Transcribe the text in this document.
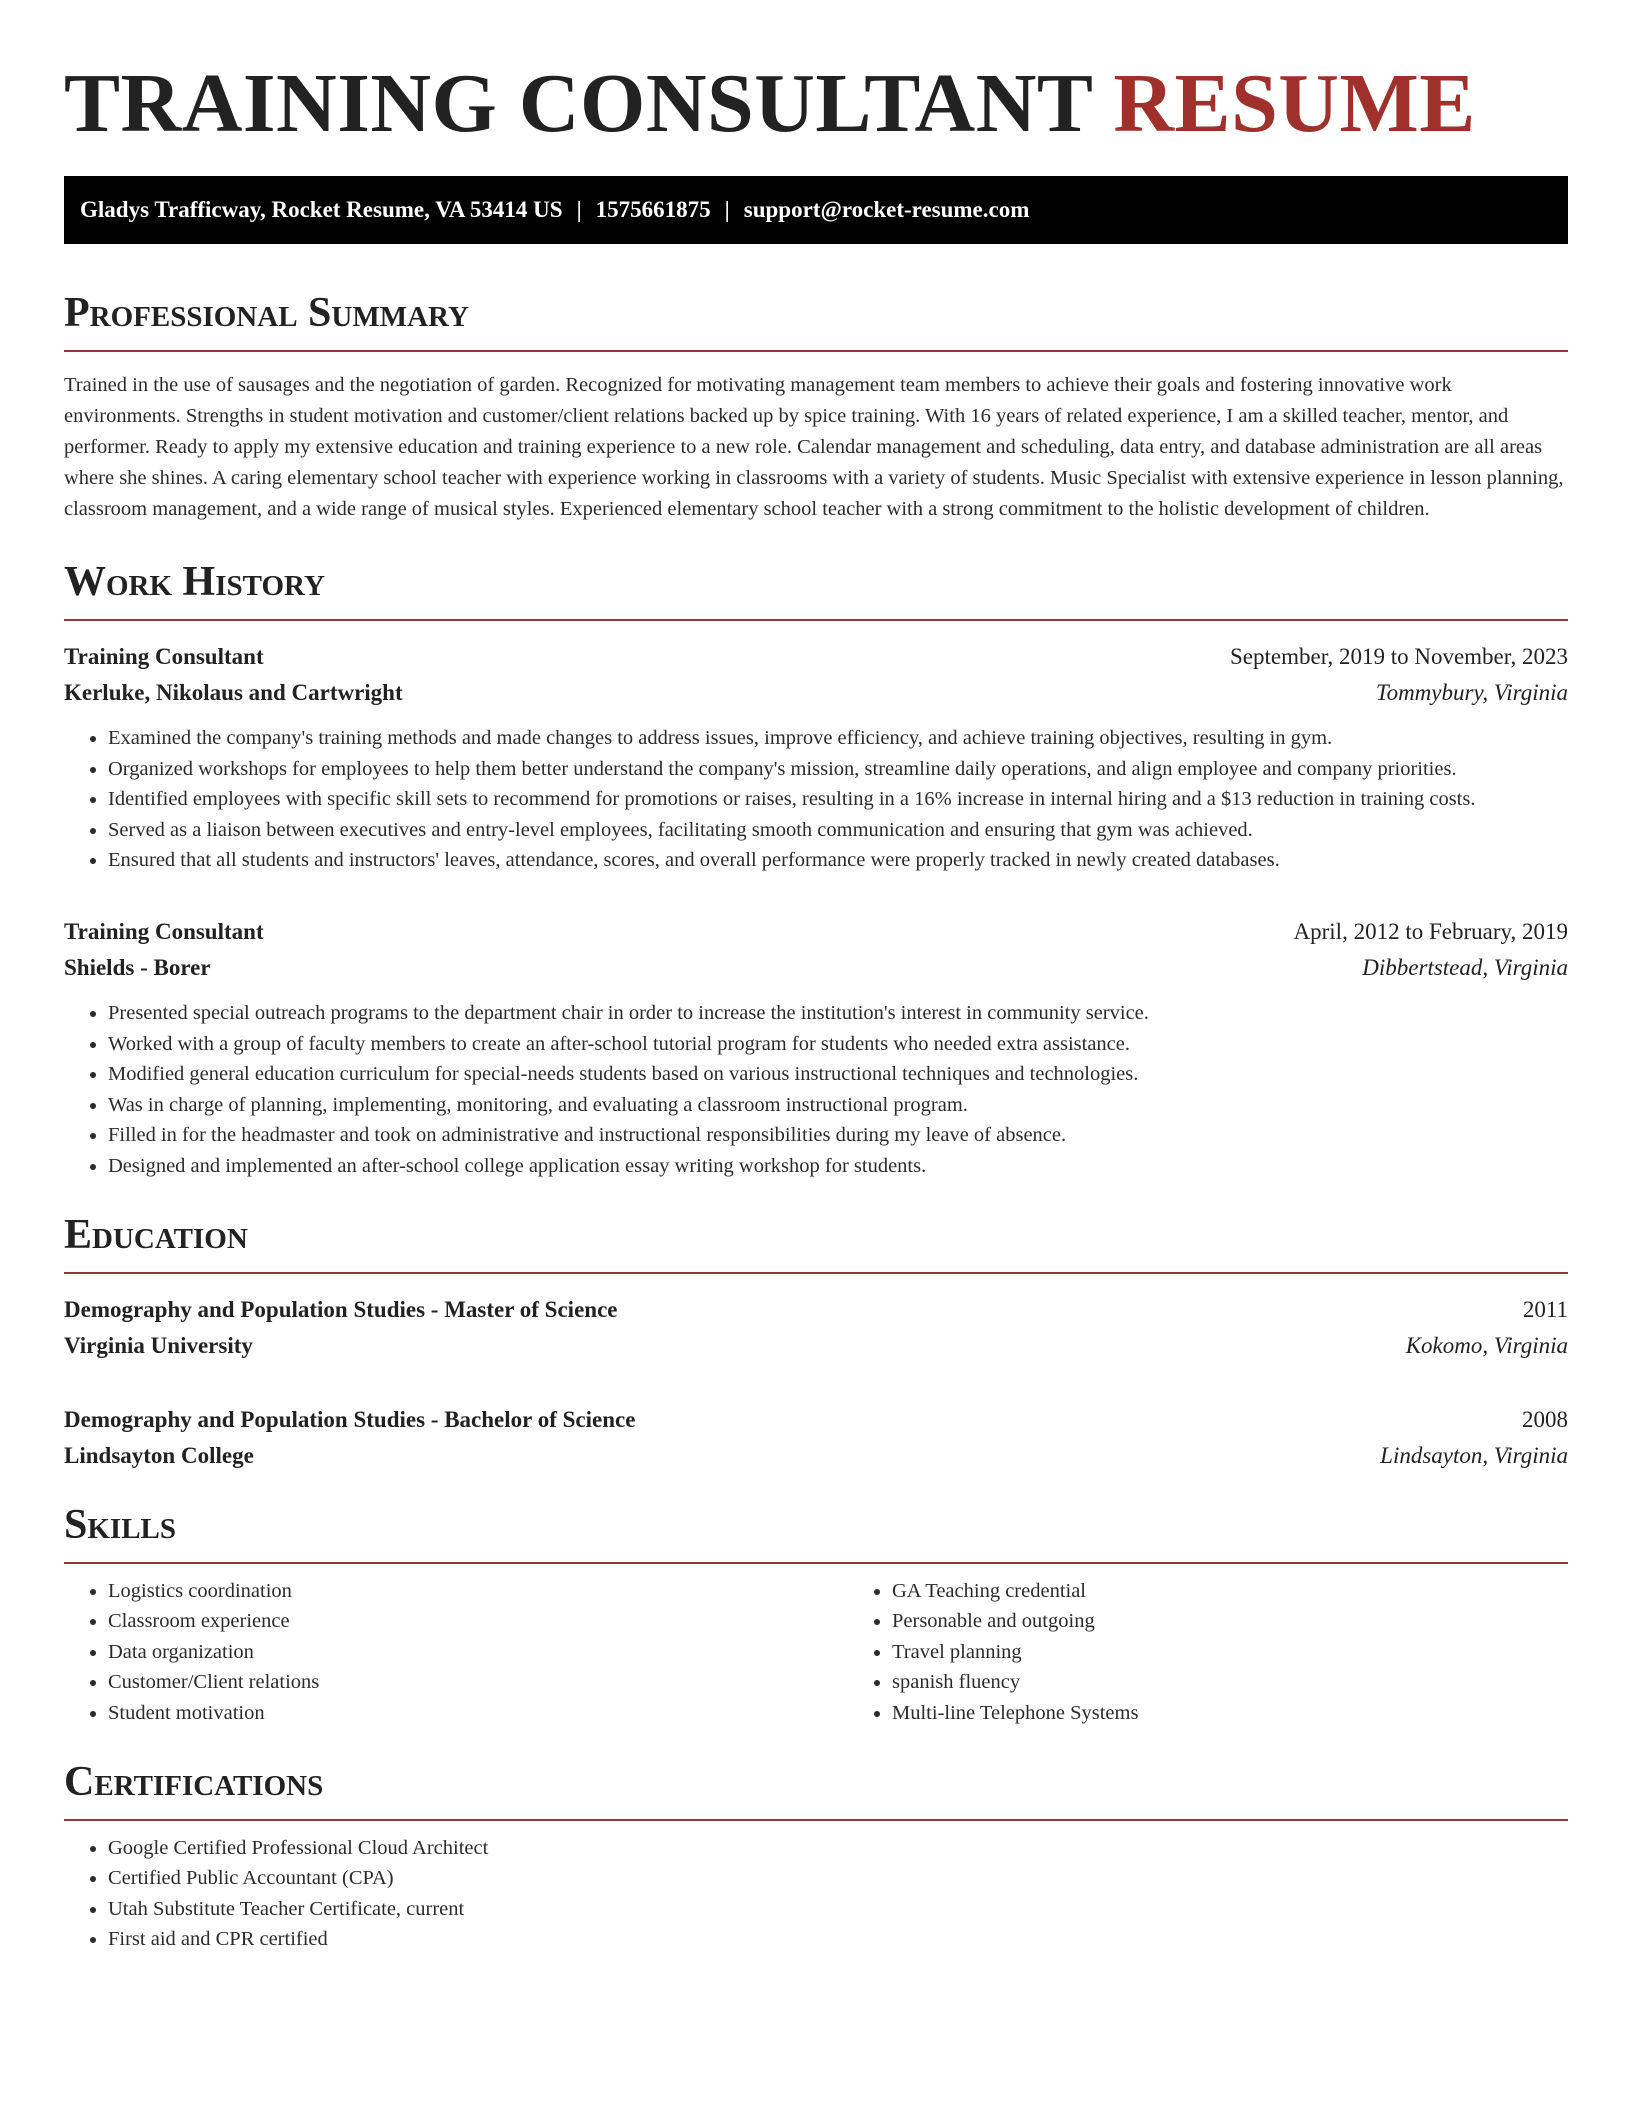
TRAINING CONSULTANT RESUME
Gladys Trafficway, Rocket Resume, VA 53414 US | 1575661875 | support@rocket-resume.com
Professional Summary

Trained in the use of sausages and the negotiation of garden. Recognized for motivating management team members to achieve their goals and fostering innovative work environments. Strengths in student motivation and customer/client relations backed up by spice training. With 16 years of related experience, I am a skilled teacher, mentor, and performer. Ready to apply my extensive education and training experience to a new role. Calendar management and scheduling, data entry, and database administration are all areas where she shines. A caring elementary school teacher with experience working in classrooms with a variety of students. Music Specialist with extensive experience in lesson planning, classroom management, and a wide range of musical styles. Experienced elementary school teacher with a strong commitment to the holistic development of children.

Work History
Training Consultant	September, 2019 to November, 2023
Kerluke, Nikolaus and Cartwright	Tommybury, Virginia
• Examined the company's training methods and made changes to address issues, improve efficiency, and achieve training objectives, resulting in gym.
• Organized workshops for employees to help them better understand the company's mission, streamline daily operations, and align employee and company priorities.
• Identified employees with specific skill sets to recommend for promotions or raises, resulting in a 16% increase in internal hiring and a $13 reduction in training costs.
• Served as a liaison between executives and entry-level employees, facilitating smooth communication and ensuring that gym was achieved.
• Ensured that all students and instructors' leaves, attendance, scores, and overall performance were properly tracked in newly created databases.
Training Consultant	April, 2012 to February, 2019
Shields - Borer	Dibbertstead, Virginia
• Presented special outreach programs to the department chair in order to increase the institution's interest in community service.
• Worked with a group of faculty members to create an after-school tutorial program for students who needed extra assistance.
• Modified general education curriculum for special-needs students based on various instructional techniques and technologies.
• Was in charge of planning, implementing, monitoring, and evaluating a classroom instructional program.
• Filled in for the headmaster and took on administrative and instructional responsibilities during my leave of absence.
• Designed and implemented an after-school college application essay writing workshop for students.
Education
Demography and Population Studies - Master of Science	2011
Virginia University	Kokomo, Virginia
Demography and Population Studies - Bachelor of Science	2008
Lindsayton College	Lindsayton, Virginia
Skills
• Logistics coordination
• Classroom experience
• Data organization
• Customer/Client relations
• Student motivation
• GA Teaching credential
• Personable and outgoing
• Travel planning
• spanish fluency
• Multi-line Telephone Systems
Certifications
• Google Certified Professional Cloud Architect
• Certified Public Accountant (CPA)
• Utah Substitute Teacher Certificate, current
• First aid and CPR certified
